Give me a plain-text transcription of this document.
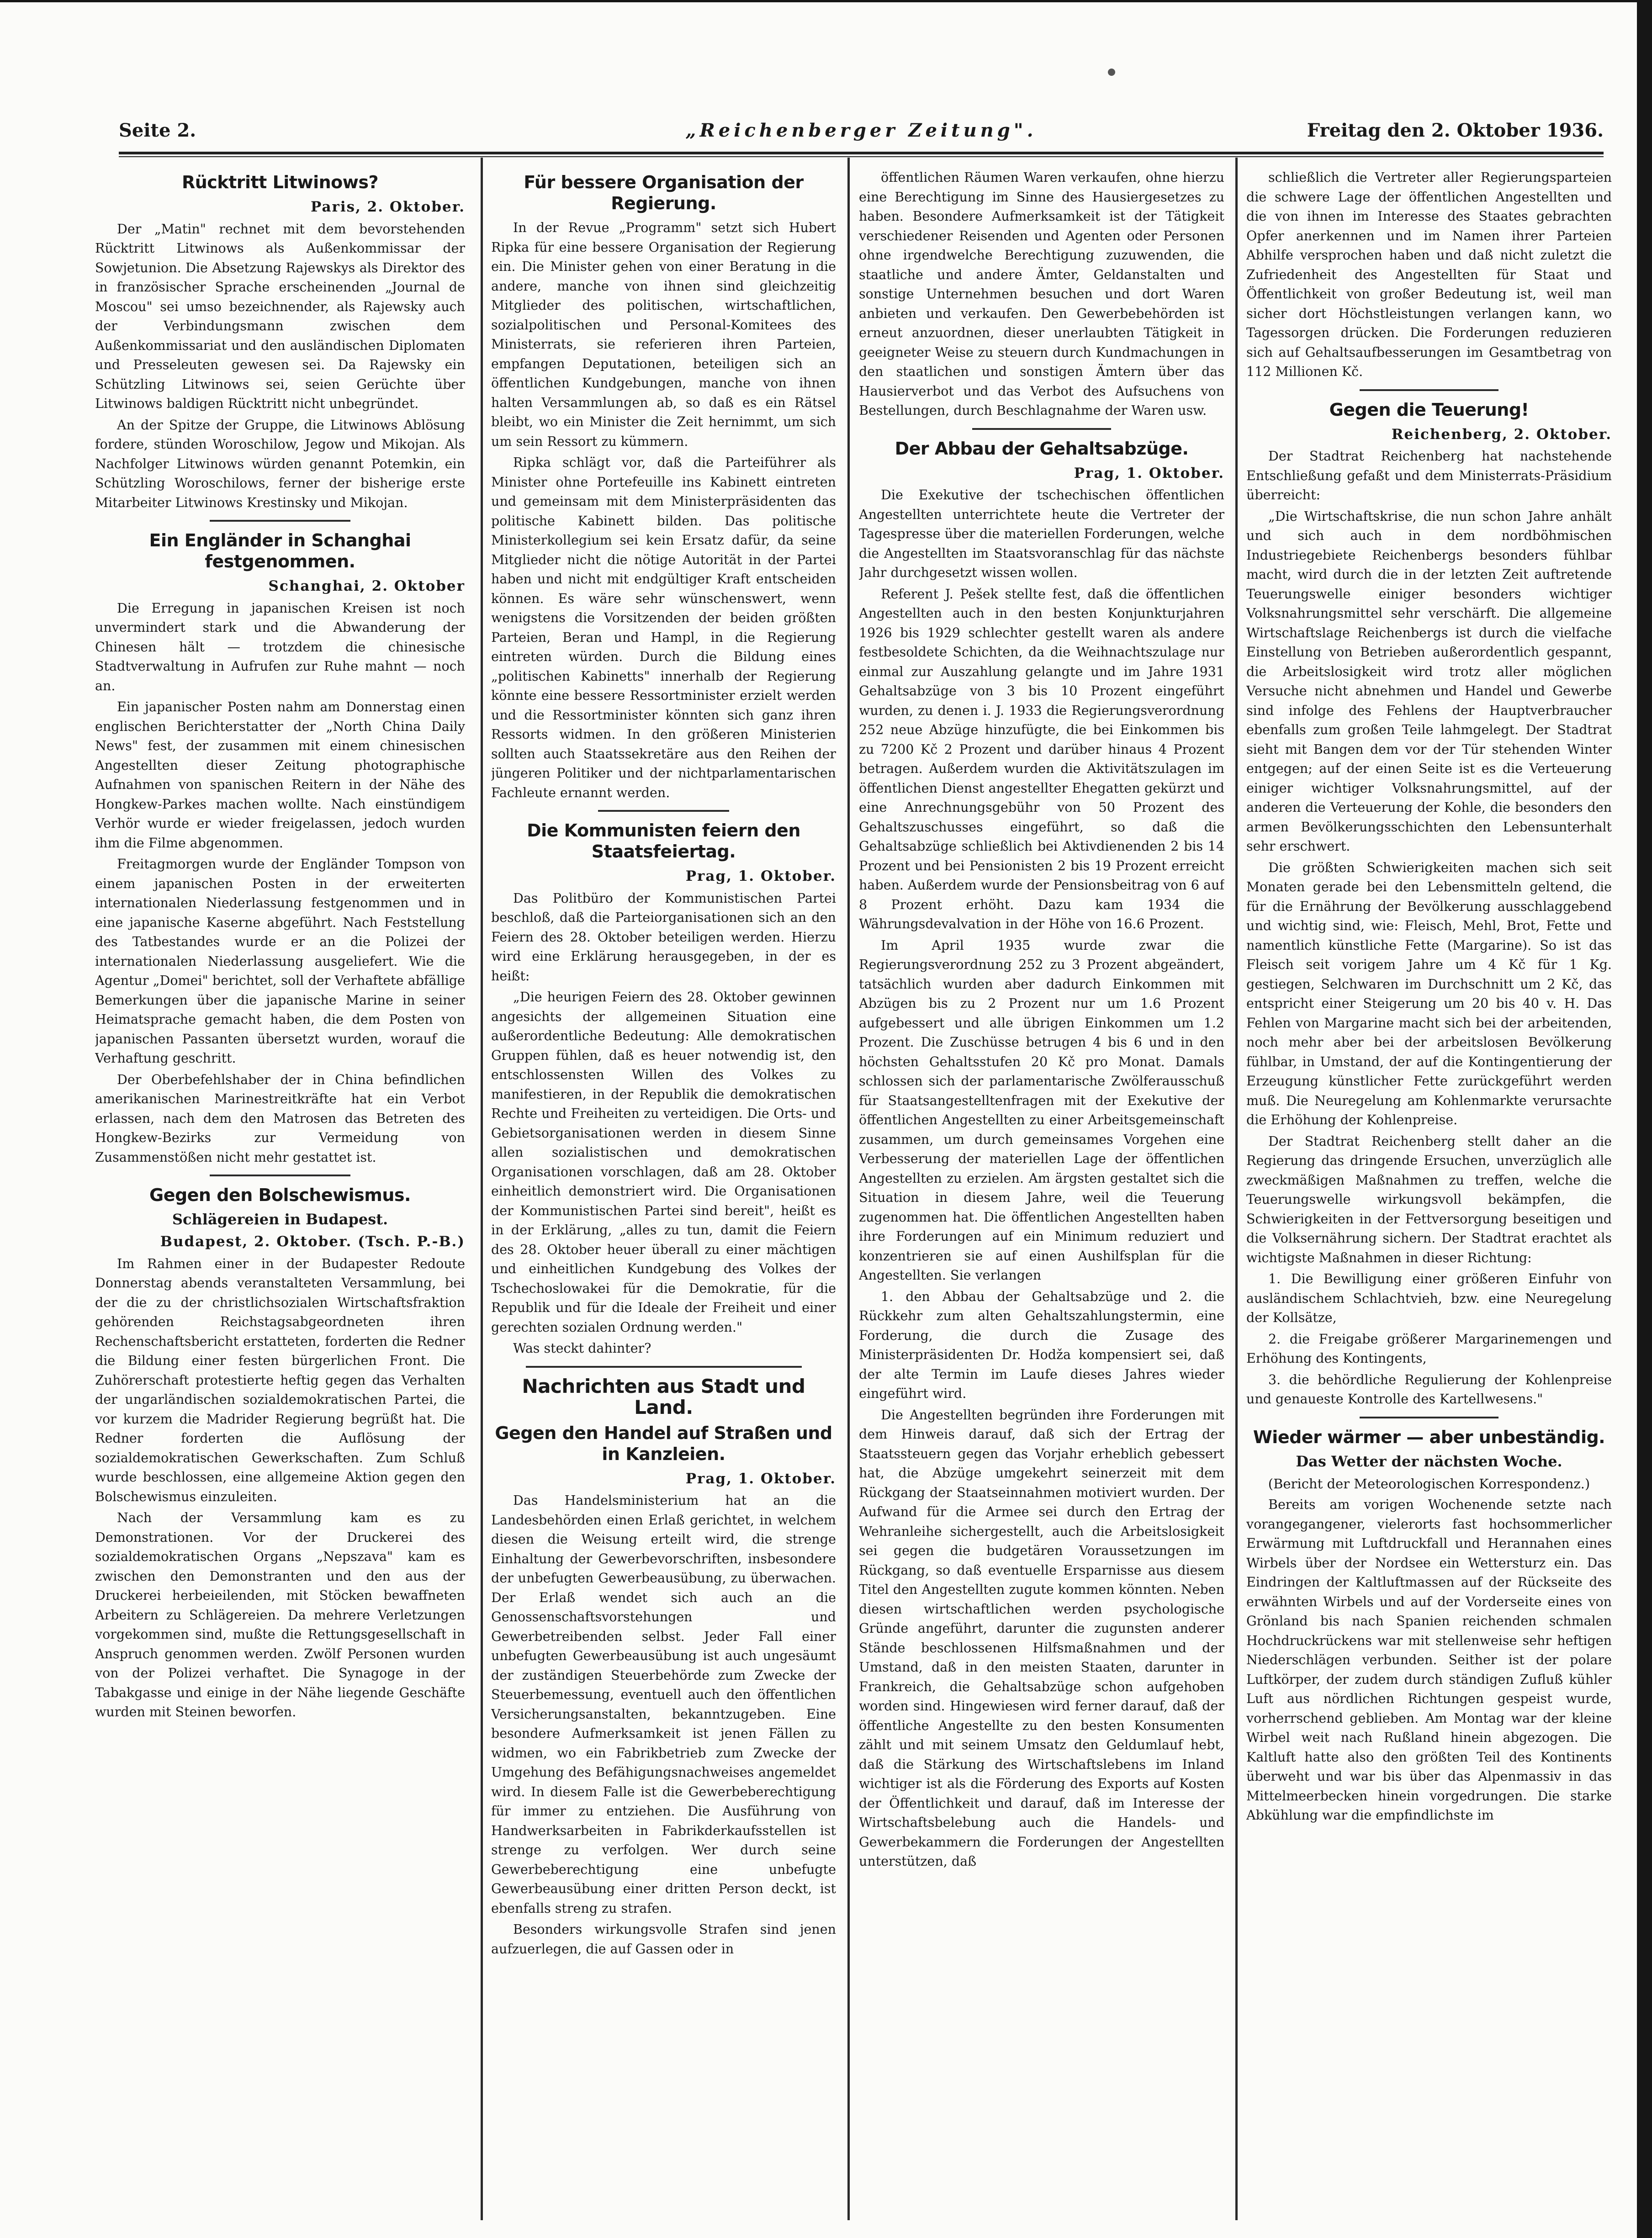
„Reichenberger Zeitung".
Seite 2.	Freitag den 2. Oktober 1936.
Rücktritt Litwinows?

Paris, 2. Oktober.

Der „Matin" rechnet mit dem bevorstehenden Rücktritt Litwinows als Außenkommissar der Sowjetunion. Die Absetzung Rajewskys als Direktor des in französischer Sprache erscheinenden „Journal de Moscou" sei umso bezeichnender, als Rajewsky auch der Verbindungsmann zwischen dem Außenkommissariat und den ausländischen Diplomaten und Presseleuten gewesen sei. Da Rajewsky ein Schützling Litwinows sei, seien Gerüchte über Litwinows baldigen Rücktritt nicht unbegründet.

An der Spitze der Gruppe, die Litwinows Ablösung fordere, stünden Woroschilow, Jegow und Mikojan. Als Nachfolger Litwinows würden genannt Potemkin, ein Schützling Woroschilows, ferner der bisherige erste Mitarbeiter Litwinows Krestinsky und Mikojan.

Ein Engländer in Schanghai festgenommen.

Schanghai, 2. Oktober

Die Erregung in japanischen Kreisen ist noch unvermindert stark und die Abwanderung der Chinesen hält — trotzdem die chinesische Stadtverwaltung in Aufrufen zur Ruhe mahnt — noch an.

Ein japanischer Posten nahm am Donnerstag einen englischen Berichterstatter der „North China Daily News" fest, der zusammen mit einem chinesischen Angestellten dieser Zeitung photographische Aufnahmen von spanischen Reitern in der Nähe des Hongkew-Parkes machen wollte. Nach einstündigem Verhör wurde er wieder freigelassen, jedoch wurden ihm die Filme abgenommen.

Freitagmorgen wurde der Engländer Tompson von einem japanischen Posten in der erweiterten internationalen Niederlassung festgenommen und in eine japanische Kaserne abgeführt. Nach Feststellung des Tatbestandes wurde er an die Polizei der internationalen Niederlassung ausgeliefert. Wie die Agentur „Domei" berichtet, soll der Verhaftete abfällige Bemerkungen über die japanische Marine in seiner Heimatsprache gemacht haben, die dem Posten von japanischen Passanten übersetzt wurden, worauf die Verhaftung geschritt.

Der Oberbefehlshaber der in China befindlichen amerikanischen Marinestreitkräfte hat ein Verbot erlassen, nach dem den Matrosen das Betreten des Hongkew-Bezirks zur Vermeidung von Zusammenstößen nicht mehr gestattet ist.

Gegen den Bolschewismus.
Schlägereien in Budapest.

Budapest, 2. Oktober. (Tsch. P.-B.)

Im Rahmen einer in der Budapester Redoute Donnerstag abends veranstalteten Versammlung, bei der die zu der christlichsozialen Wirtschaftsfraktion gehörenden Reichstagsabgeordneten ihren Rechenschaftsbericht erstatteten, forderten die Redner die Bildung einer festen bürgerlichen Front. Die Zuhörerschaft protestierte heftig gegen das Verhalten der ungarländischen sozialdemokratischen Partei, die vor kurzem die Madrider Regierung begrüßt hat. Die Redner forderten die Auflösung der sozialdemokratischen Gewerkschaften. Zum Schluß wurde beschlossen, eine allgemeine Aktion gegen den Bolschewismus einzuleiten.

Nach der Versammlung kam es zu Demonstrationen. Vor der Druckerei des sozialdemokratischen Organs „Nepszava" kam es zwischen den Demonstranten und den aus der Druckerei herbeieilenden, mit Stöcken bewaffneten Arbeitern zu Schlägereien. Da mehrere Verletzungen vorgekommen sind, mußte die Rettungsgesellschaft in Anspruch genommen werden. Zwölf Personen wurden von der Polizei verhaftet. Die Synagoge in der Tabakgasse und einige in der Nähe liegende Geschäfte wurden mit Steinen beworfen.

Für bessere Organisation der Regierung.

In der Revue „Programm" setzt sich Hubert Ripka für eine bessere Organisation der Regierung ein. Die Minister gehen von einer Beratung in die andere, manche von ihnen sind gleichzeitig Mitglieder des politischen, wirtschaftlichen, sozialpolitischen und Personal-Komitees des Ministerrats, sie referieren ihren Parteien, empfangen Deputationen, beteiligen sich an öffentlichen Kundgebungen, manche von ihnen halten Versammlungen ab, so daß es ein Rätsel bleibt, wo ein Minister die Zeit hernimmt, um sich um sein Ressort zu kümmern.

Ripka schlägt vor, daß die Parteiführer als Minister ohne Portefeuille ins Kabinett eintreten und gemeinsam mit dem Ministerpräsidenten das politische Kabinett bilden. Das politische Ministerkollegium sei kein Ersatz dafür, da seine Mitglieder nicht die nötige Autorität in der Partei haben und nicht mit endgültiger Kraft entscheiden können. Es wäre sehr wünschenswert, wenn wenigstens die Vorsitzenden der beiden größten Parteien, Beran und Hampl, in die Regierung eintreten würden. Durch die Bildung eines „politischen Kabinetts" innerhalb der Regierung könnte eine bessere Ressortminister erzielt werden und die Ressortminister könnten sich ganz ihren Ressorts widmen. In den größeren Ministerien sollten auch Staatssekretäre aus den Reihen der jüngeren Politiker und der nichtparlamentarischen Fachleute ernannt werden.

Die Kommunisten feiern den Staatsfeiertag.

Prag, 1. Oktober.

Das Politbüro der Kommunistischen Partei beschloß, daß die Parteiorganisationen sich an den Feiern des 28. Oktober beteiligen werden. Hierzu wird eine Erklärung herausgegeben, in der es heißt:

„Die heurigen Feiern des 28. Oktober gewinnen angesichts der allgemeinen Situation eine außerordentliche Bedeutung: Alle demokratischen Gruppen fühlen, daß es heuer notwendig ist, den entschlossensten Willen des Volkes zu manifestieren, in der Republik die demokratischen Rechte und Freiheiten zu verteidigen. Die Orts- und Gebietsorganisationen werden in diesem Sinne allen sozialistischen und demokratischen Organisationen vorschlagen, daß am 28. Oktober einheitlich demonstriert wird. Die Organisationen der Kommunistischen Partei sind bereit", heißt es in der Erklärung, „alles zu tun, damit die Feiern des 28. Oktober heuer überall zu einer mächtigen und einheitlichen Kundgebung des Volkes der Tschechoslowakei für die Demokratie, für die Republik und für die Ideale der Freiheit und einer gerechten sozialen Ordnung werden."

Was steckt dahinter?

Nachrichten aus Stadt und Land.
Gegen den Handel auf Straßen und in Kanzleien.

Prag, 1. Oktober.

Das Handelsministerium hat an die Landesbehörden einen Erlaß gerichtet, in welchem diesen die Weisung erteilt wird, die strenge Einhaltung der Gewerbevorschriften, insbesondere der unbefugten Gewerbeausübung, zu überwachen. Der Erlaß wendet sich auch an die Genossenschaftsvorstehungen und Gewerbetreibenden selbst. Jeder Fall einer unbefugten Gewerbeausübung ist auch ungesäumt der zuständigen Steuerbehörde zum Zwecke der Steuerbemessung, eventuell auch den öffentlichen Versicherungsanstalten, bekanntzugeben. Eine besondere Aufmerksamkeit ist jenen Fällen zu widmen, wo ein Fabrikbetrieb zum Zwecke der Umgehung des Befähigungsnachweises angemeldet wird. In diesem Falle ist die Gewerbeberechtigung für immer zu entziehen. Die Ausführung von Handwerksarbeiten in Fabrikderkaufsstellen ist strenge zu verfolgen. Wer durch seine Gewerbeberechtigung eine unbefugte Gewerbeausübung einer dritten Person deckt, ist ebenfalls streng zu strafen.

Besonders wirkungsvolle Strafen sind jenen aufzuerlegen, die auf Gassen oder in

öffentlichen Räumen Waren verkaufen, ohne hierzu eine Berechtigung im Sinne des Hausiergesetzes zu haben. Besondere Aufmerksamkeit ist der Tätigkeit verschiedener Reisenden und Agenten oder Personen ohne irgendwelche Berechtigung zuzuwenden, die staatliche und andere Ämter, Geldanstalten und sonstige Unternehmen besuchen und dort Waren anbieten und verkaufen. Den Gewerbebehörden ist erneut anzuordnen, dieser unerlaubten Tätigkeit in geeigneter Weise zu steuern durch Kundmachungen in den staatlichen und sonstigen Ämtern über das Hausierverbot und das Verbot des Aufsuchens von Bestellungen, durch Beschlagnahme der Waren usw.

Der Abbau der Gehaltsabzüge.

Prag, 1. Oktober.

Die Exekutive der tschechischen öffentlichen Angestellten unterrichtete heute die Vertreter der Tagespresse über die materiellen Forderungen, welche die Angestellten im Staatsvoranschlag für das nächste Jahr durchgesetzt wissen wollen.

Referent J. Pešek stellte fest, daß die öffentlichen Angestellten auch in den besten Konjunkturjahren 1926 bis 1929 schlechter gestellt waren als andere festbesoldete Schichten, da die Weihnachtszulage nur einmal zur Auszahlung gelangte und im Jahre 1931 Gehaltsabzüge von 3 bis 10 Prozent eingeführt wurden, zu denen i. J. 1933 die Regierungsverordnung 252 neue Abzüge hinzufügte, die bei Einkommen bis zu 7200 Kč 2 Prozent und darüber hinaus 4 Prozent betragen. Außerdem wurden die Aktivitätszulagen im öffentlichen Dienst angestellter Ehegatten gekürzt und eine Anrechnungsgebühr von 50 Prozent des Gehaltszuschusses eingeführt, so daß die Gehaltsabzüge schließlich bei Aktivdienenden 2 bis 14 Prozent und bei Pensionisten 2 bis 19 Prozent erreicht haben. Außerdem wurde der Pensionsbeitrag von 6 auf 8 Prozent erhöht. Dazu kam 1934 die Währungsdevalvation in der Höhe von 16.6 Prozent.

Im April 1935 wurde zwar die Regierungsverordnung 252 zu 3 Prozent abgeändert, tatsächlich wurden aber dadurch Einkommen mit Abzügen bis zu 2 Prozent nur um 1.6 Prozent aufgebessert und alle übrigen Einkommen um 1.2 Prozent. Die Zuschüsse betrugen 4 bis 6 und in den höchsten Gehaltsstufen 20 Kč pro Monat. Damals schlossen sich der parlamentarische Zwölferausschuß für Staatsangestelltenfragen mit der Exekutive der öffentlichen Angestellten zu einer Arbeitsgemeinschaft zusammen, um durch gemeinsames Vorgehen eine Verbesserung der materiellen Lage der öffentlichen Angestellten zu erzielen. Am ärgsten gestaltet sich die Situation in diesem Jahre, weil die Teuerung zugenommen hat. Die öffentlichen Angestellten haben ihre Forderungen auf ein Minimum reduziert und konzentrieren sie auf einen Aushilfsplan für die Angestellten. Sie verlangen

1. den Abbau der Gehaltsabzüge und 2. die Rückkehr zum alten Gehaltszahlungstermin, eine Forderung, die durch die Zusage des Ministerpräsidenten Dr. Hodža kompensiert sei, daß der alte Termin im Laufe dieses Jahres wieder eingeführt wird.

Die Angestellten begründen ihre Forderungen mit dem Hinweis darauf, daß sich der Ertrag der Staatssteuern gegen das Vorjahr erheblich gebessert hat, die Abzüge umgekehrt seinerzeit mit dem Rückgang der Staatseinnahmen motiviert wurden. Der Aufwand für die Armee sei durch den Ertrag der Wehranleihe sichergestellt, auch die Arbeitslosigkeit sei gegen die budgetären Voraussetzungen im Rückgang, so daß eventuelle Ersparnisse aus diesem Titel den Angestellten zugute kommen könnten. Neben diesen wirtschaftlichen werden psychologische Gründe angeführt, darunter die zugunsten anderer Stände beschlossenen Hilfsmaßnahmen und der Umstand, daß in den meisten Staaten, darunter in Frankreich, die Gehaltsabzüge schon aufgehoben worden sind. Hingewiesen wird ferner darauf, daß der öffentliche Angestellte zu den besten Konsumenten zählt und mit seinem Umsatz den Geldumlauf hebt, daß die Stärkung des Wirtschaftslebens im Inland wichtiger ist als die Förderung des Exports auf Kosten der Öffentlichkeit und darauf, daß im Interesse der Wirtschaftsbelebung auch die Handels- und Gewerbekammern die Forderungen der Angestellten unterstützen, daß

schließlich die Vertreter aller Regierungsparteien die schwere Lage der öffentlichen Angestellten und die von ihnen im Interesse des Staates gebrachten Opfer anerkennen und im Namen ihrer Parteien Abhilfe versprochen haben und daß nicht zuletzt die Zufriedenheit des Angestellten für Staat und Öffentlichkeit von großer Bedeutung ist, weil man sicher dort Höchstleistungen verlangen kann, wo Tagessorgen drücken. Die Forderungen reduzieren sich auf Gehaltsaufbesserungen im Gesamtbetrag von 112 Millionen Kč.

Gegen die Teuerung!

Reichenberg, 2. Oktober.

Der Stadtrat Reichenberg hat nachstehende Entschließung gefaßt und dem Ministerrats-Präsidium überreicht:

„Die Wirtschaftskrise, die nun schon Jahre anhält und sich auch in dem nordböhmischen Industriegebiete Reichenbergs besonders fühlbar macht, wird durch die in der letzten Zeit auftretende Teuerungswelle einiger besonders wichtiger Volksnahrungsmittel sehr verschärft. Die allgemeine Wirtschaftslage Reichenbergs ist durch die vielfache Einstellung von Betrieben außerordentlich gespannt, die Arbeitslosigkeit wird trotz aller möglichen Versuche nicht abnehmen und Handel und Gewerbe sind infolge des Fehlens der Hauptverbraucher ebenfalls zum großen Teile lahmgelegt. Der Stadtrat sieht mit Bangen dem vor der Tür stehenden Winter entgegen; auf der einen Seite ist es die Verteuerung einiger wichtiger Volksnahrungsmittel, auf der anderen die Verteuerung der Kohle, die besonders den armen Bevölkerungsschichten den Lebensunterhalt sehr erschwert.

Die größten Schwierigkeiten machen sich seit Monaten gerade bei den Lebensmitteln geltend, die für die Ernährung der Bevölkerung ausschlaggebend und wichtig sind, wie: Fleisch, Mehl, Brot, Fette und namentlich künstliche Fette (Margarine). So ist das Fleisch seit vorigem Jahre um 4 Kč für 1 Kg. gestiegen, Selchwaren im Durchschnitt um 2 Kč, das entspricht einer Steigerung um 20 bis 40 v. H. Das Fehlen von Margarine macht sich bei der arbeitenden, noch mehr aber bei der arbeitslosen Bevölkerung fühlbar, in Umstand, der auf die Kontingentierung der Erzeugung künstlicher Fette zurückgeführt werden muß. Die Neuregelung am Kohlenmarkte verursachte die Erhöhung der Kohlenpreise.

Der Stadtrat Reichenberg stellt daher an die Regierung das dringende Ersuchen, unverzüglich alle zweckmäßigen Maßnahmen zu treffen, welche die Teuerungswelle wirkungsvoll bekämpfen, die Schwierigkeiten in der Fettversorgung beseitigen und die Volksernährung sichern. Der Stadtrat erachtet als wichtigste Maßnahmen in dieser Richtung:

1. Die Bewilligung einer größeren Einfuhr von ausländischem Schlachtvieh, bzw. eine Neuregelung der Kollsätze,

2. die Freigabe größerer Margarinemengen und Erhöhung des Kontingents,

3. die behördliche Regulierung der Kohlenpreise und genaueste Kontrolle des Kartellwesens."

Wieder wärmer — aber unbeständig.
Das Wetter der nächsten Woche.

(Bericht der Meteorologischen Korrespondenz.)

Bereits am vorigen Wochenende setzte nach vorangegangener, vielerorts fast hochsommerlicher Erwärmung mit Luftdruckfall und Herannahen eines Wirbels über der Nordsee ein Wettersturz ein. Das Eindringen der Kaltluftmassen auf der Rückseite des erwähnten Wirbels und auf der Vorderseite eines von Grönland bis nach Spanien reichenden schmalen Hochdruckrückens war mit stellenweise sehr heftigen Niederschlägen verbunden. Seither ist der polare Luftkörper, der zudem durch ständigen Zufluß kühler Luft aus nördlichen Richtungen gespeist wurde, vorherrschend geblieben. Am Montag war der kleine Wirbel weit nach Rußland hinein abgezogen. Die Kaltluft hatte also den größten Teil des Kontinents überweht und war bis über das Alpenmassiv in das Mittelmeerbecken hinein vorgedrungen. Die starke Abkühlung war die empfindlichste im
